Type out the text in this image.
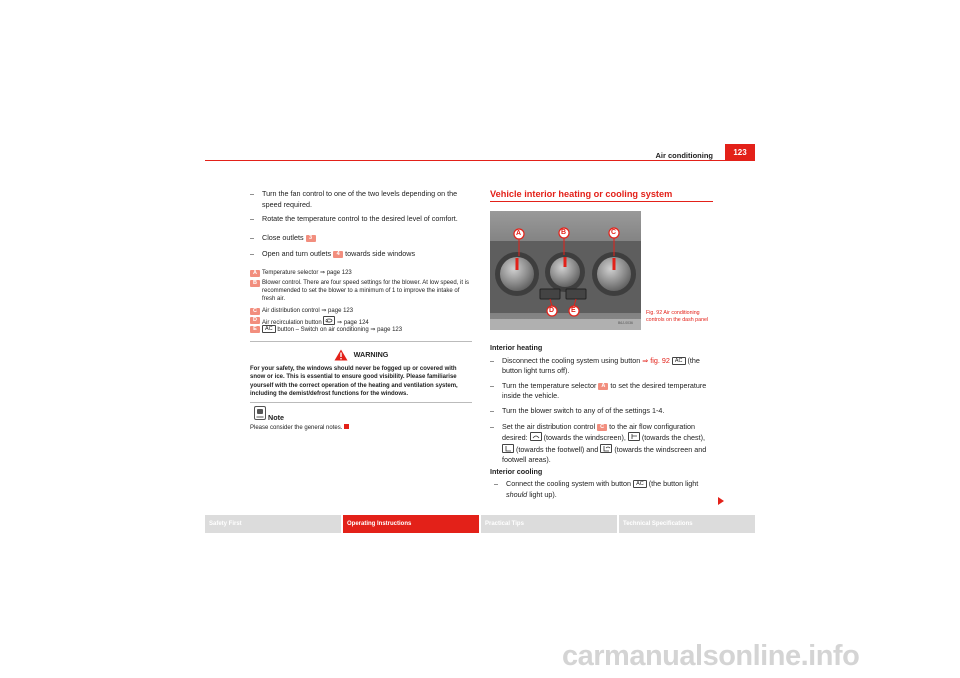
Air conditioning	123
–	Turn the fan control to one of the two levels depending on the speed required.
–	Rotate the temperature control to the desired level of comfort.
–	Close outlets 3
–	Open and turn outlets 4 towards side windows
A Temperature selector ⇒ page 123
B Blower control. There are four speed settings for the blower. At low speed, it is recommended to set the blower to a minimum of 1 to improve the intake of fresh air.
C Air distribution control ⇒ page 123
D Air recirculation button	⇒ page 124
E	AC button – Switch on air conditioning ⇒ page 123
WARNING
For your safety, the windows should never be fogged up or covered with snow or ice. This is essential to ensure good visibility. Please familiarise yourself with the correct operation of the heating and ventilation system, including the demist/defrost functions for the windows.
Note
Please consider the general notes.
Vehicle interior heating or cooling system
A	B	C
D E
B6J-0036
Fig. 92 Air conditioning controls on the dash panel
Interior heating
–	Disconnect the cooling system using button ⇒ fig. 92 AC (the button light turns off).
–	Turn the temperature selector A to set the desired temperature inside the vehicle.
–	Turn the blower switch to any of of the settings 1-4.
–	Set the air distribution control C to the air flow configuration desired: (towards the windscreen), (towards the chest),
(towards the footwell) and (towards the windscreen and footwell areas).
Interior cooling
–	Connect the cooling system with button AC (the button light should light up).
Safety First	Operating Instructions	Practical Tips	Technical Specifications
carmanualsonline.info
